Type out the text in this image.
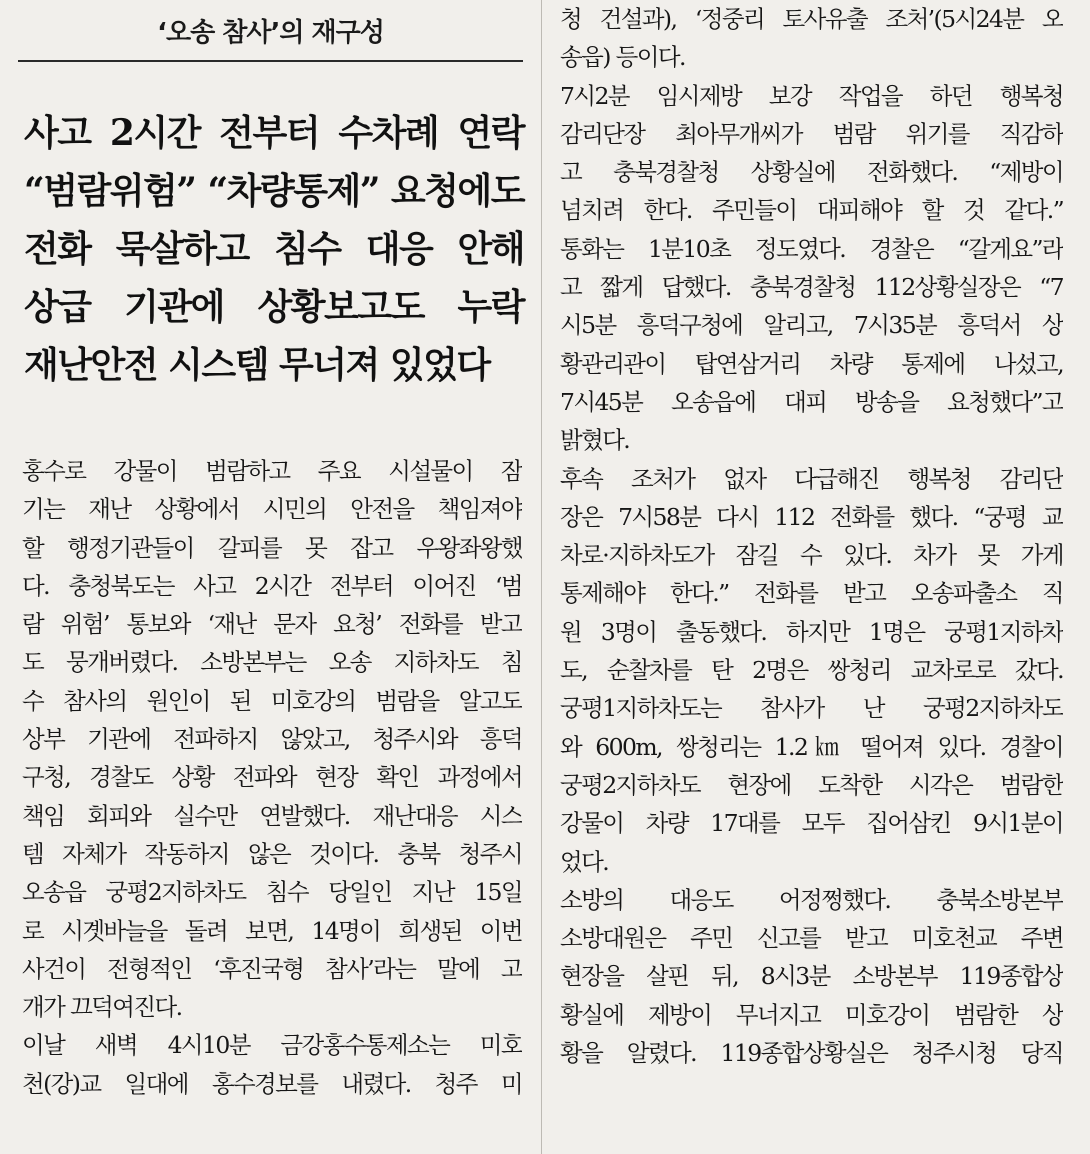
‘오송 참사’의 재구성
사고 2시간 전부터 수차례 연락
“범람위험” “차량통제” 요청에도
전화 묵살하고 침수 대응 안해
상급 기관에 상황보고도 누락
재난안전 시스템 무너져 있었다
홍수로 강물이 범람하고 주요 시설물이 잠
기는 재난 상황에서 시민의 안전을 책임져야
할 행정기관들이 갈피를 못 잡고 우왕좌왕했
다. 충청북도는 사고 2시간 전부터 이어진 ‘범
람 위험’ 통보와 ‘재난 문자 요청’ 전화를 받고
도 뭉개버렸다. 소방본부는 오송 지하차도 침
수 참사의 원인이 된 미호강의 범람을 알고도
상부 기관에 전파하지 않았고, 청주시와 흥덕
구청, 경찰도 상황 전파와 현장 확인 과정에서
책임 회피와 실수만 연발했다. 재난대응 시스
템 자체가 작동하지 않은 것이다. 충북 청주시
오송읍 궁평2지하차도 침수 당일인 지난 15일
로 시곗바늘을 돌려 보면, 14명이 희생된 이번
사건이 전형적인 ‘후진국형 참사’라는 말에 고
개가 끄덕여진다.
이날 새벽 4시10분 금강홍수통제소는 미호
천(강)교 일대에 홍수경보를 내렸다. 청주 미
청 건설과), ‘정중리 토사유출 조처’(5시24분 오
송읍) 등이다.
7시2분 임시제방 보강 작업을 하던 행복청
감리단장 최아무개씨가 범람 위기를 직감하
고 충북경찰청 상황실에 전화했다. “제방이
넘치려 한다. 주민들이 대피해야 할 것 같다.”
통화는 1분10초 정도였다. 경찰은 “갈게요”라
고 짧게 답했다. 충북경찰청 112상황실장은 “7
시5분 흥덕구청에 알리고, 7시35분 흥덕서 상
황관리관이 탑연삼거리 차량 통제에 나섰고,
7시45분 오송읍에 대피 방송을 요청했다”고
밝혔다.
후속 조처가 없자 다급해진 행복청 감리단
장은 7시58분 다시 112 전화를 했다. “궁평 교
차로·지하차도가 잠길 수 있다. 차가 못 가게
통제해야 한다.” 전화를 받고 오송파출소 직
원 3명이 출동했다. 하지만 1명은 궁평1지하차
도, 순찰차를 탄 2명은 쌍청리 교차로로 갔다.
궁평1지하차도는 참사가 난 궁평2지하차도
와 600m, 쌍청리는 1.2㎞ 떨어져 있다. 경찰이
궁평2지하차도 현장에 도착한 시각은 범람한
강물이 차량 17대를 모두 집어삼킨 9시1분이
었다.
소방의 대응도 어정쩡했다. 충북소방본부
소방대원은 주민 신고를 받고 미호천교 주변
현장을 살핀 뒤, 8시3분 소방본부 119종합상
황실에 제방이 무너지고 미호강이 범람한 상
황을 알렸다. 119종합상황실은 청주시청 당직
